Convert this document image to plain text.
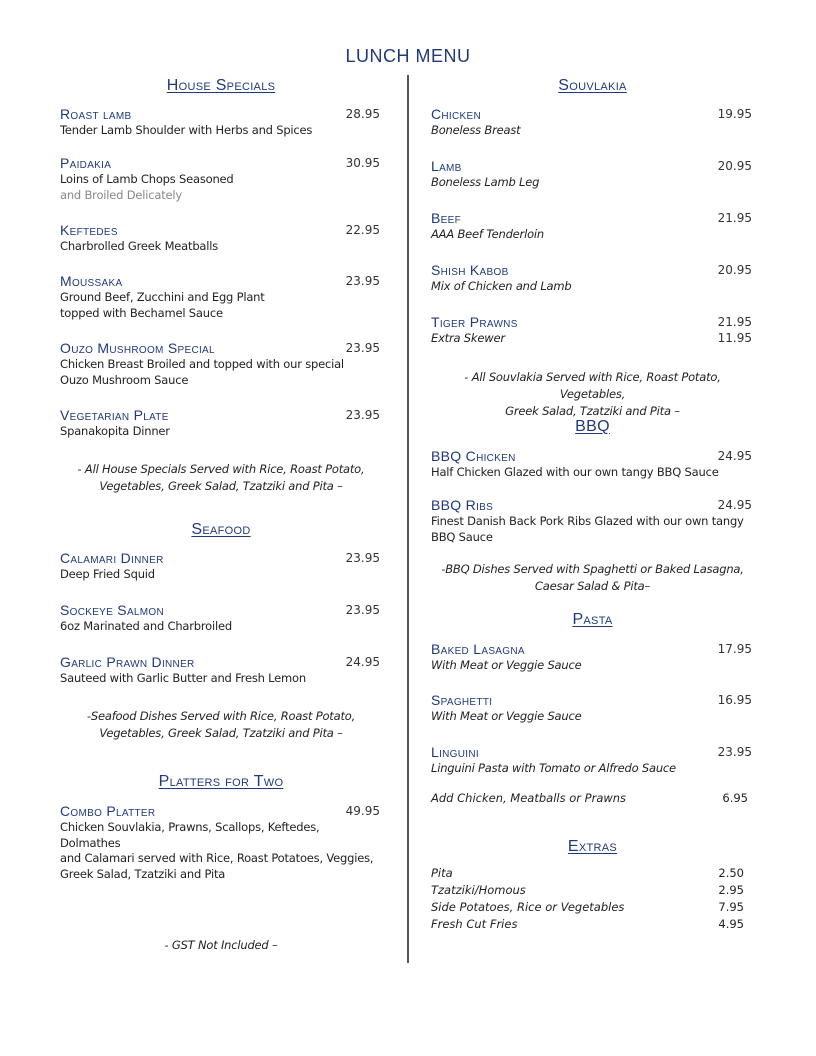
LUNCH MENU
House Specials
Roast lamb	28.95
Tender Lamb Shoulder with Herbs and Spices
Paidakia	30.95
Loins of Lamb Chops Seasoned
and Broiled Delicately
Keftedes	22.95
Charbrolled Greek Meatballs
Moussaka	23.95
Ground Beef, Zucchini and Egg Plant
topped with Bechamel Sauce
Ouzo Mushroom Special	23.95
Chicken Breast Broiled and topped with our special
Ouzo Mushroom Sauce
Vegetarian Plate	23.95
Spanakopita Dinner
- All House Specials Served with Rice, Roast Potato,
Vegetables, Greek Salad, Tzatziki and Pita –
Seafood
Calamari Dinner	23.95
Deep Fried Squid
Sockeye Salmon	23.95
6oz Marinated and Charbroiled
Garlic Prawn Dinner	24.95
Sauteed with Garlic Butter and Fresh Lemon
-Seafood Dishes Served with Rice, Roast Potato,
Vegetables, Greek Salad, Tzatziki and Pita –
Platters for Two
Combo Platter	49.95
Chicken Souvlakia, Prawns, Scallops, Keftedes, Dolmathes
and Calamari served with Rice, Roast Potatoes, Veggies,
Greek Salad, Tzatziki and Pita
- GST Not Included –
Souvlakia
Chicken	19.95
Boneless Breast
Lamb	20.95
Boneless Lamb Leg
Beef	21.95
AAA Beef Tenderloin
Shish Kabob	20.95
Mix of Chicken and Lamb
Tiger Prawns	21.95
Extra Skewer	11.95
- All Souvlakia Served with Rice, Roast Potato, Vegetables,
Greek Salad, Tzatziki and Pita –
BBQ
BBQ Chicken	24.95
Half Chicken Glazed with our own tangy BBQ Sauce
BBQ Ribs	24.95
Finest Danish Back Pork Ribs Glazed with our own tangy
BBQ Sauce
-BBQ Dishes Served with Spaghetti or Baked Lasagna,
Caesar Salad & Pita–
Pasta
Baked Lasagna	17.95
With Meat or Veggie Sauce
Spaghetti	16.95
With Meat or Veggie Sauce
Linguini	23.95
Linguini Pasta with Tomato or Alfredo Sauce
Add Chicken, Meatballs or Prawns	6.95
Extras
Pita	2.50
Tzatziki/Homous	2.95
Side Potatoes, Rice or Vegetables	7.95
Fresh Cut Fries	4.95
